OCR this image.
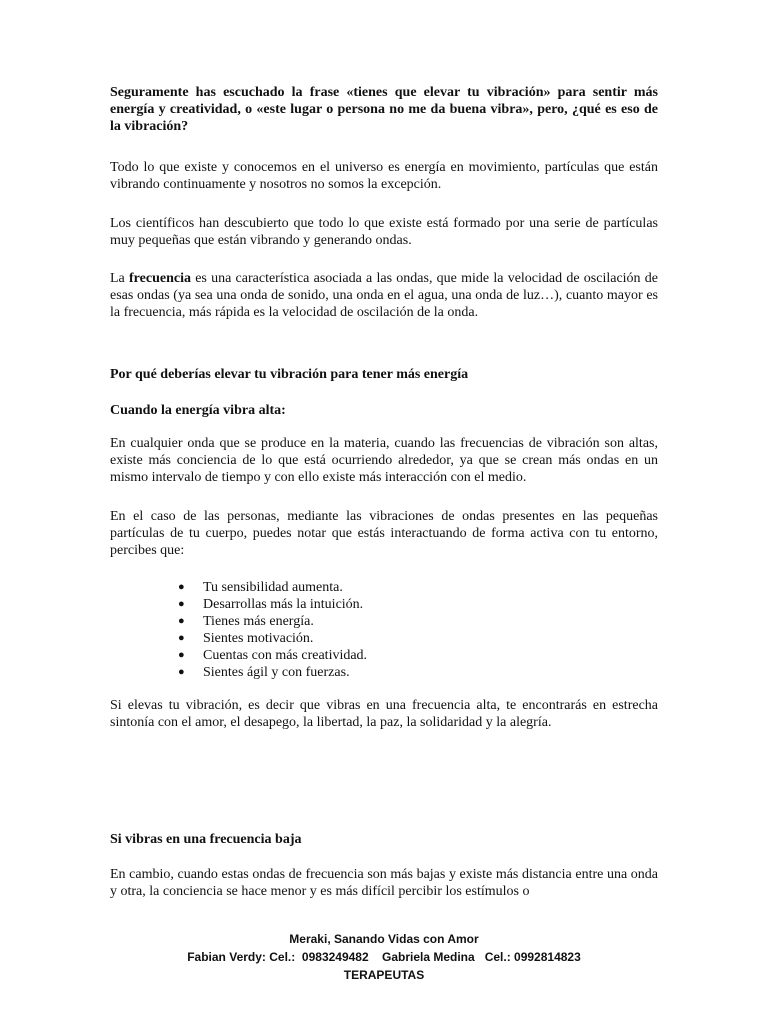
Seguramente has escuchado la frase «tienes que elevar tu vibración» para sentir más energía y creatividad, o «este lugar o persona no me da buena vibra», pero, ¿qué es eso de la vibración?

Todo lo que existe y conocemos en el universo es energía en movimiento, partículas que están vibrando continuamente y nosotros no somos la excepción.

Los científicos han descubierto que todo lo que existe está formado por una serie de partículas muy pequeñas que están vibrando y generando ondas.

La frecuencia es una característica asociada a las ondas, que mide la velocidad de oscilación de esas ondas (ya sea una onda de sonido, una onda en el agua, una onda de luz…), cuanto mayor es la frecuencia, más rápida es la velocidad de oscilación de la onda.

Por qué deberías elevar tu vibración para tener más energía

Cuando la energía vibra alta:

En cualquier onda que se produce en la materia, cuando las frecuencias de vibración son altas, existe más conciencia de lo que está ocurriendo alrededor, ya que se crean más ondas en un mismo intervalo de tiempo y con ello existe más interacción con el medio.

En el caso de las personas, mediante las vibraciones de ondas presentes en las pequeñas partículas de tu cuerpo, puedes notar que estás interactuando de forma activa con tu entorno, percibes que:

● Tu sensibilidad aumenta.
● Desarrollas más la intuición.
● Tienes más energía.
● Sientes motivación.
● Cuentas con más creatividad.
● Sientes ágil y con fuerzas.

Si elevas tu vibración, es decir que vibras en una frecuencia alta, te encontrarás en estrecha sintonía con el amor, el desapego, la libertad, la paz, la solidaridad y la alegría.

Si vibras en una frecuencia baja

En cambio, cuando estas ondas de frecuencia son más bajas y existe más distancia entre una onda y otra, la conciencia se hace menor y es más difícil percibir los estímulos o

Meraki, Sanando Vidas con Amor
Fabian Verdy: Cel.:  0983249482    Gabriela Medina   Cel.: 0992814823
TERAPEUTAS
